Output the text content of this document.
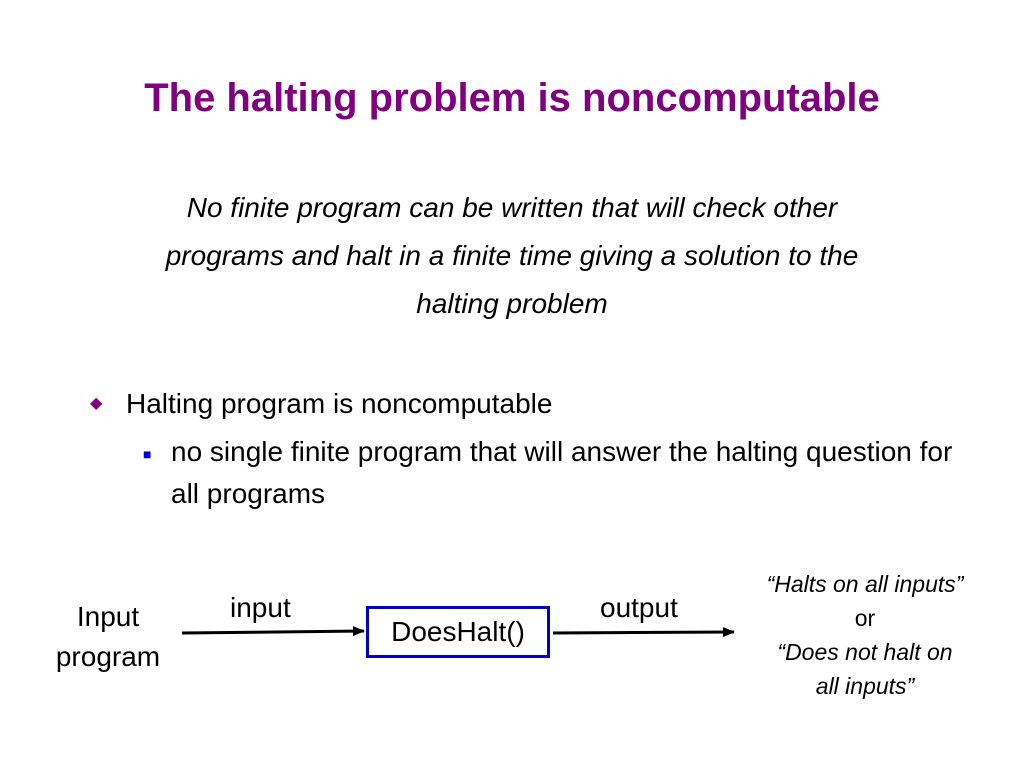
The halting problem is noncomputable
No finite program can be written that will check other
programs and halt in a finite time giving a solution to the
halting problem
◆ Halting program is noncomputable
■ no single finite program that will answer the halting question for all programs
Input
program
input
DoesHalt()
output
“Halts on all inputs”
or
“Does not halt on
all inputs”
